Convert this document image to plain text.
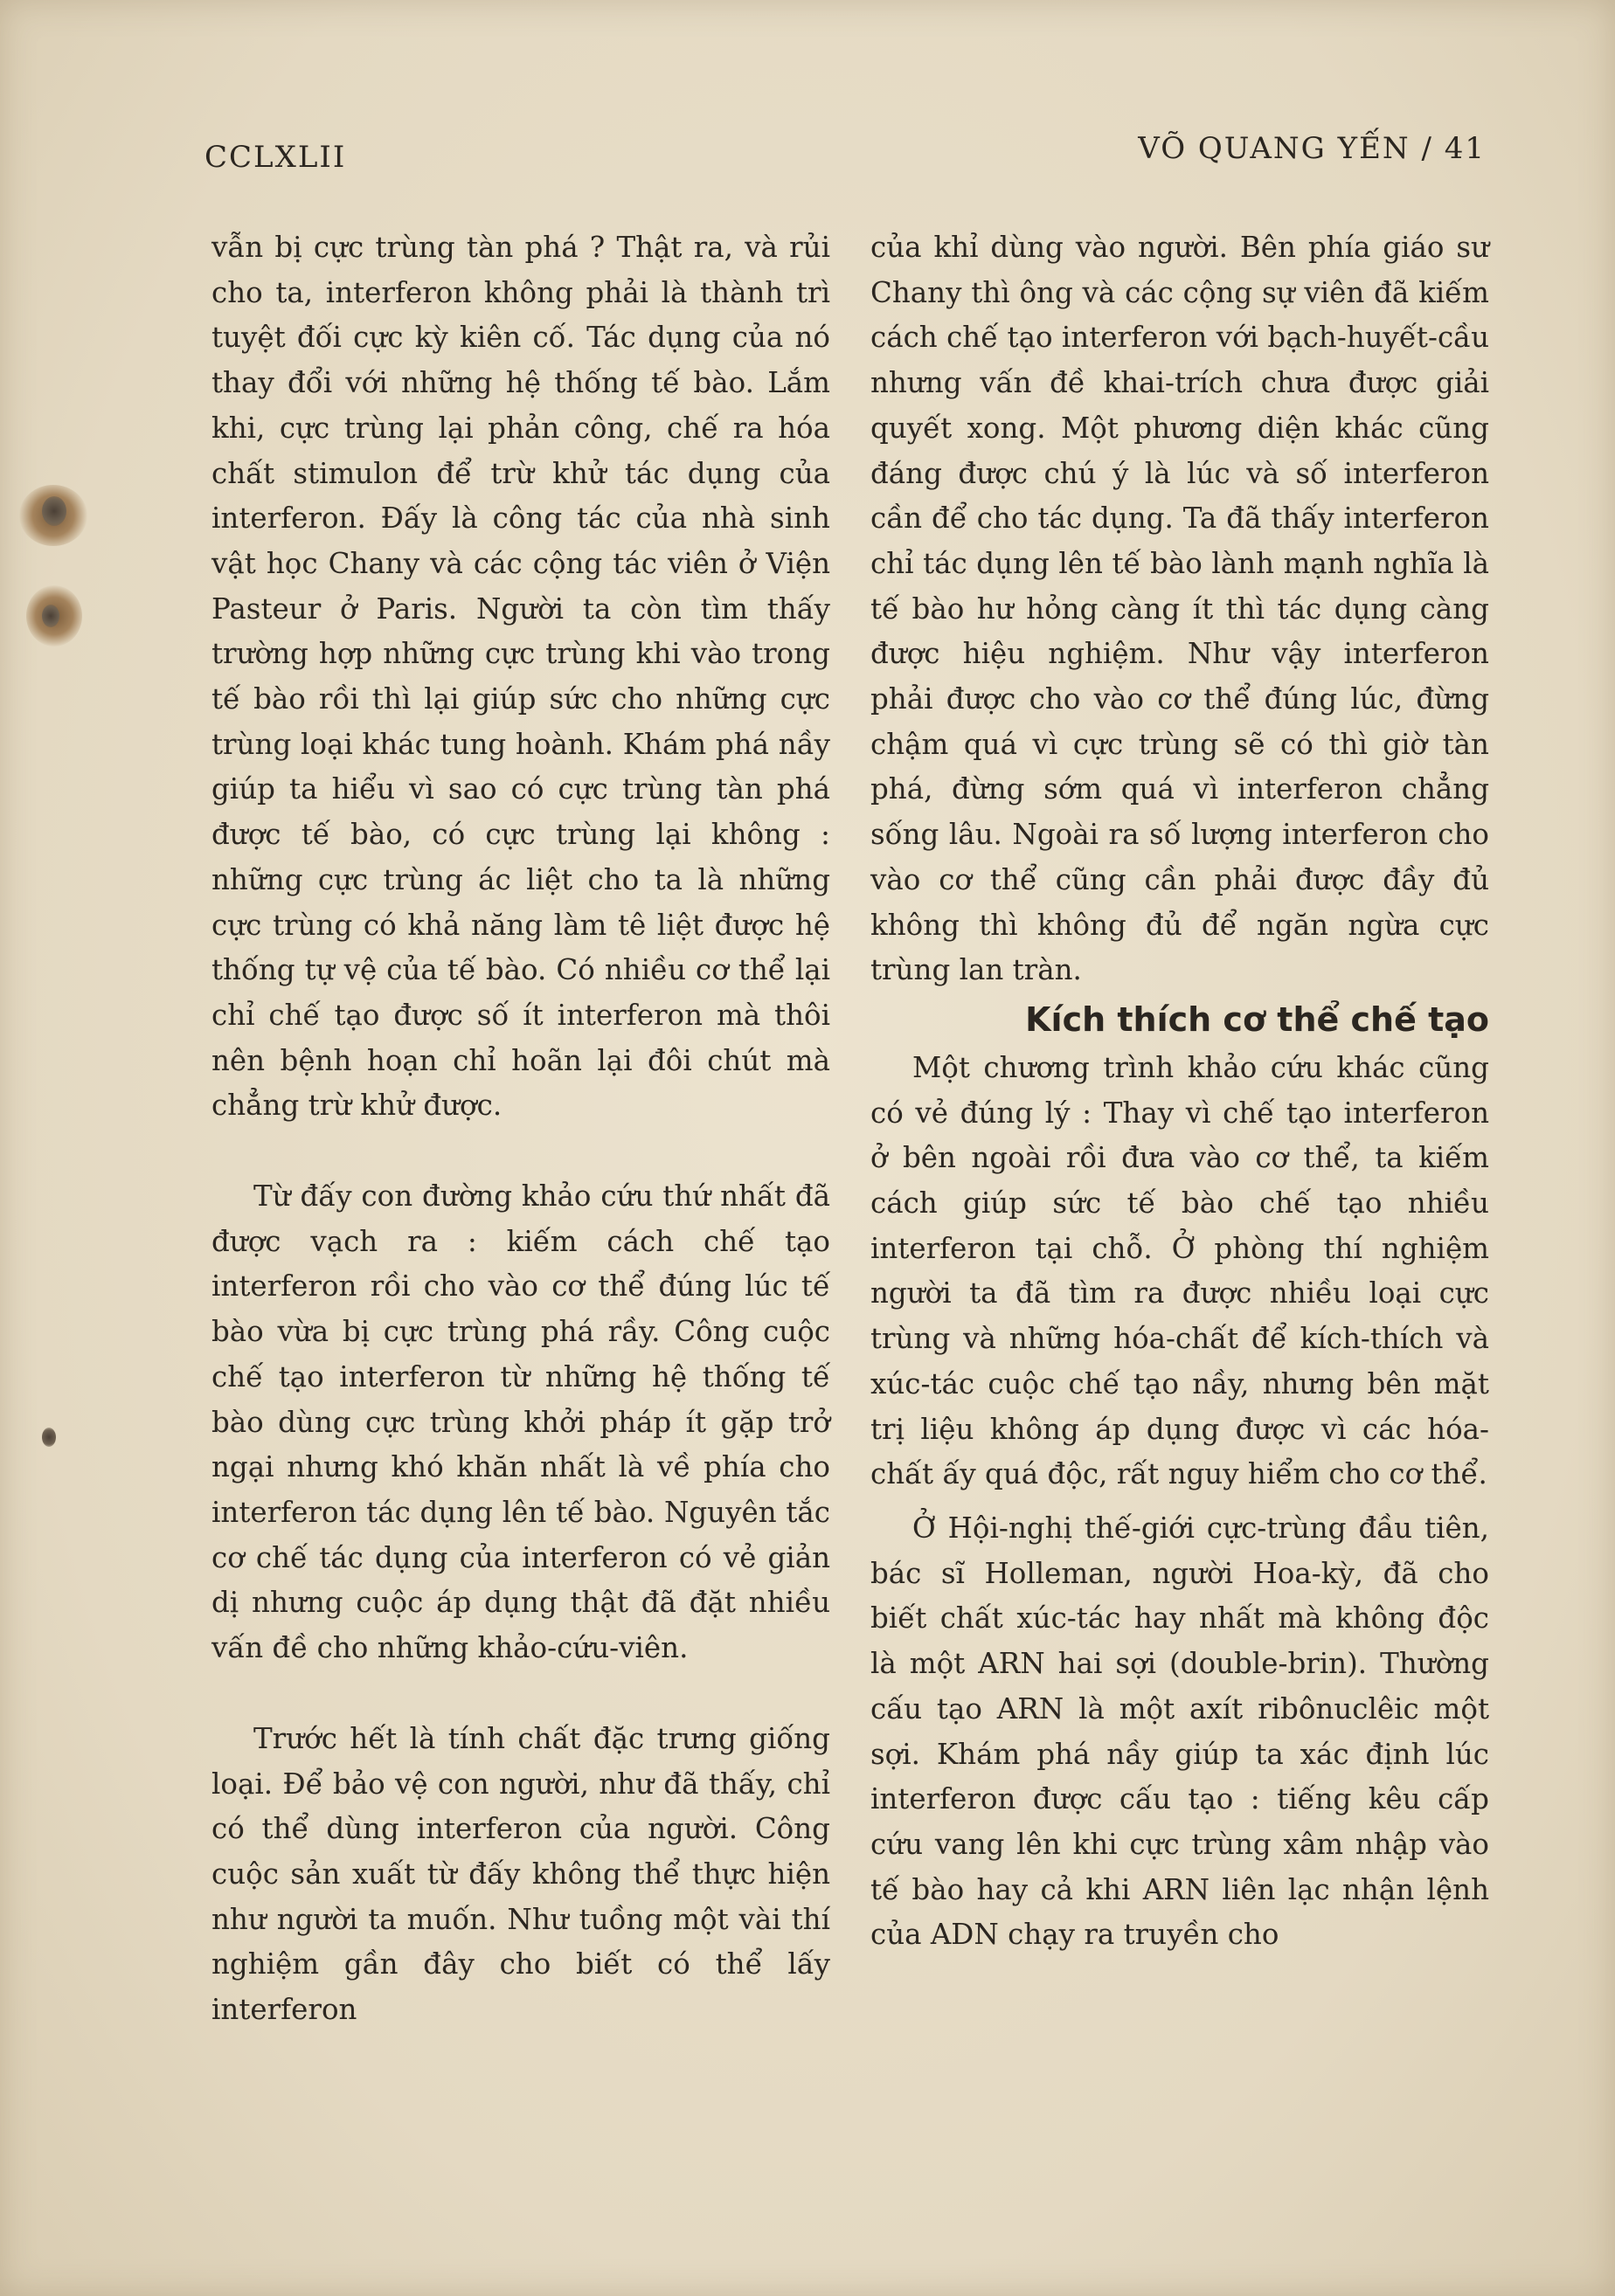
CCLXLII	VÕ QUANG YẾN / 41

vẫn bị cực trùng tàn phá ? Thật ra, và rủi cho ta, interferon không phải là thành trì tuyệt đối cực kỳ kiên cố. Tác dụng của nó thay đổi với những hệ thống tế bào. Lắm khi, cực trùng lại phản công, chế ra hóa chất stimulon để trừ khử tác dụng của interferon. Đấy là công tác của nhà sinh vật học Chany và các cộng tác viên ở Viện Pasteur ở Paris. Người ta còn tìm thấy trường hợp những cực trùng khi vào trong tế bào rồi thì lại giúp sức cho những cực trùng loại khác tung hoành. Khám phá nầy giúp ta hiểu vì sao có cực trùng tàn phá được tế bào, có cực trùng lại không : những cực trùng ác liệt cho ta là những cực trùng có khả năng làm tê liệt được hệ thống tự vệ của tế bào. Có nhiều cơ thể lại chỉ chế tạo được số ít interferon mà thôi nên bệnh hoạn chỉ hoãn lại đôi chút mà chẳng trừ khử được.

Từ đấy con đường khảo cứu thứ nhất đã được vạch ra : kiếm cách chế tạo interferon rồi cho vào cơ thể đúng lúc tế bào vừa bị cực trùng phá rầy. Công cuộc chế tạo interferon từ những hệ thống tế bào dùng cực trùng khởi pháp ít gặp trở ngại nhưng khó khăn nhất là về phía cho interferon tác dụng lên tế bào. Nguyên tắc cơ chế tác dụng của interferon có vẻ giản dị nhưng cuộc áp dụng thật đã đặt nhiều vấn đề cho những khảo-cứu-viên.

Trước hết là tính chất đặc trưng giống loại. Để bảo vệ con người, như đã thấy, chỉ có thể dùng interferon của người. Công cuộc sản xuất từ đấy không thể thực hiện như người ta muốn. Như tuồng một vài thí nghiệm gần đây cho biết có thể lấy interferon

của khỉ dùng vào người. Bên phía giáo sư Chany thì ông và các cộng sự viên đã kiếm cách chế tạo interferon với bạch-huyết-cầu nhưng vấn đề khai-trích chưa được giải quyết xong. Một phương diện khác cũng đáng được chú ý là lúc và số interferon cần để cho tác dụng. Ta đã thấy interferon chỉ tác dụng lên tế bào lành mạnh nghĩa là tế bào hư hỏng càng ít thì tác dụng càng được hiệu nghiệm. Như vậy interferon phải được cho vào cơ thể đúng lúc, đừng chậm quá vì cực trùng sẽ có thì giờ tàn phá, đừng sớm quá vì interferon chẳng sống lâu. Ngoài ra số lượng interferon cho vào cơ thể cũng cần phải được đầy đủ không thì không đủ để ngăn ngừa cực trùng lan tràn.

Kích thích cơ thể chế tạo

Một chương trình khảo cứu khác cũng có vẻ đúng lý : Thay vì chế tạo interferon ở bên ngoài rồi đưa vào cơ thể, ta kiếm cách giúp sức tế bào chế tạo nhiều interferon tại chỗ. Ở phòng thí nghiệm người ta đã tìm ra được nhiều loại cực trùng và những hóa-chất để kích-thích và xúc-tác cuộc chế tạo nầy, nhưng bên mặt trị liệu không áp dụng được vì các hóa-chất ấy quá độc, rất nguy hiểm cho cơ thể.

Ở Hội-nghị thế-giới cực-trùng đầu tiên, bác sĩ Holleman, người Hoa-kỳ, đã cho biết chất xúc-tác hay nhất mà không độc là một ARN hai sợi (double-brin). Thường cấu tạo ARN là một axít ribônuclêic một sợi. Khám phá nầy giúp ta xác định lúc interferon được cấu tạo : tiếng kêu cấp cứu vang lên khi cực trùng xâm nhập vào tế bào hay cả khi ARN liên lạc nhận lệnh của ADN chạy ra truyền cho
